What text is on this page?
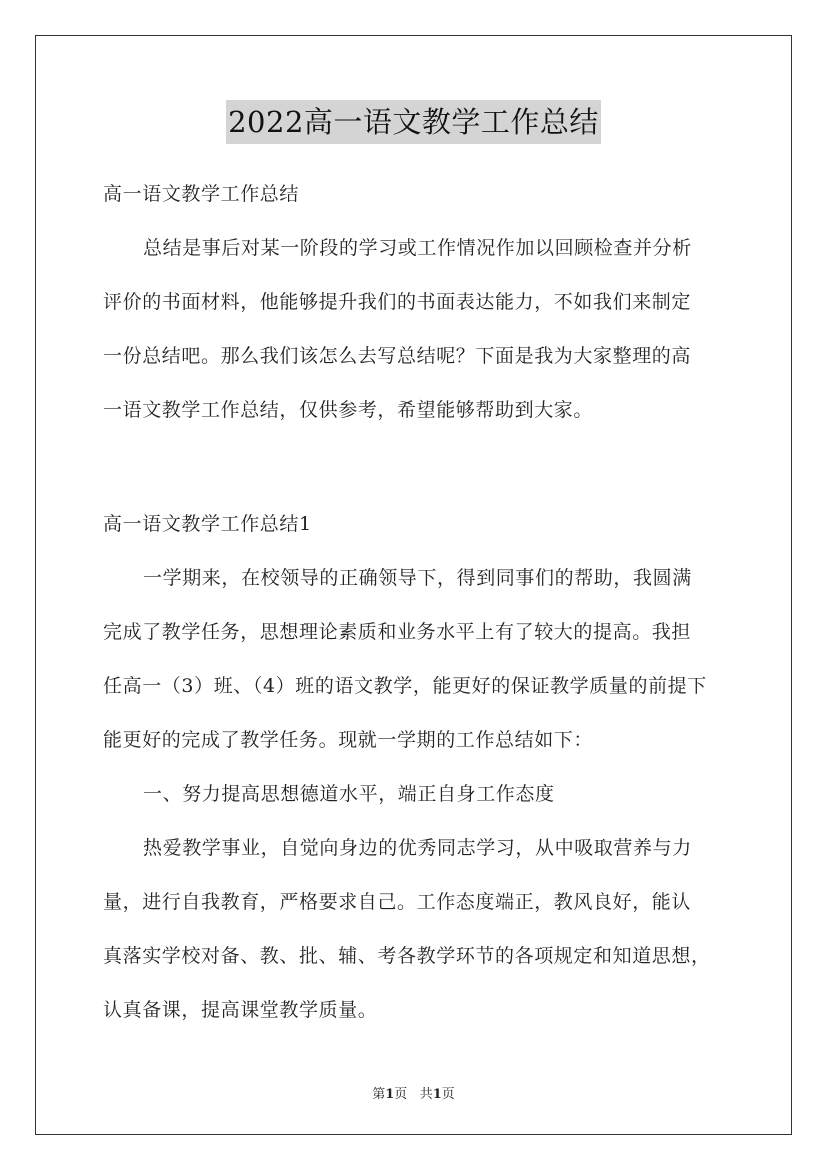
2022高一语文教学工作总结
高一语文教学工作总结
总结是事后对某一阶段的学习或工作情况作加以回顾检查并分析
评价的书面材料，他能够提升我们的书面表达能力，不如我们来制定
一份总结吧。那么我们该怎么去写总结呢？下面是我为大家整理的高
一语文教学工作总结，仅供参考，希望能够帮助到大家。
高一语文教学工作总结1
一学期来，在校领导的正确领导下，得到同事们的帮助，我圆满
完成了教学任务，思想理论素质和业务水平上有了较大的提高。我担
任高一（3）班、（4）班的语文教学，能更好的保证教学质量的前提下
能更好的完成了教学任务。现就一学期的工作总结如下：
一、努力提高思想德道水平，端正自身工作态度
热爱教学事业，自觉向身边的优秀同志学习，从中吸取营养与力
量，进行自我教育，严格要求自己。工作态度端正，教风良好，能认
真落实学校对备、教、批、辅、考各教学环节的各项规定和知道思想，
认真备课，提高课堂教学质量。
第1页 共1页
